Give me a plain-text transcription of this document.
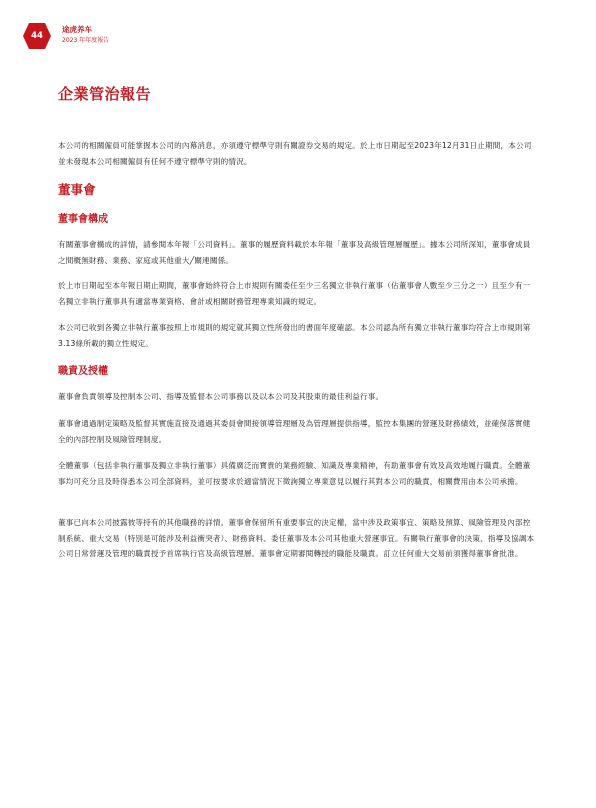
44
途虎养车
2023 年年度報告
企業管治報告

本公司的相關僱員可能掌握本公司的內幕消息，亦須遵守標準守則有關證券交易的規定。於上市日期起至2023年12月31日止期間，本公司並未發現本公司相關僱員有任何不遵守標準守則的情況。

董事會
董事會構成

有關董事會構成的詳情，請參閱本年報「公司資料」。董事的履歷資料載於本年報「董事及高級管理層履歷」。據本公司所深知，董事會成員之間概無財務、業務、家庭或其他重大╱關連關係。

於上市日期起至本年報日期止期間，董事會始終符合上市規則有關委任至少三名獨立非執行董事（佔董事會人數至少三分之一）且至少有一名獨立非執行董事具有適當專業資格、會計或相關財務管理專業知識的規定。

本公司已收到各獨立非執行董事按照上市規則的規定就其獨立性所發出的書面年度確認。本公司認為所有獨立非執行董事均符合上市規則第3.13條所載的獨立性規定。

職責及授權

董事會負責領導及控制本公司、指導及監督本公司事務以及以本公司及其股東的最佳利益行事。

董事會通過制定策略及監督其實施直接及通過其委員會間接領導管理層及為管理層提供指導，監控本集團的營運及財務績效，並確保落實健全的內部控制及風險管理制度。

全體董事（包括非執行董事及獨立非執行董事）具備廣泛而寶貴的業務經驗、知識及專業精神，有助董事會有效及高效地履行職責。全體董事均可充分且及時得悉本公司全部資料，並可按要求於適當情況下徵詢獨立專業意見以履行其對本公司的職責，相關費用由本公司承擔。

董事已向本公司披露彼等持有的其他職務的詳情。董事會保留所有重要事宜的決定權，當中涉及政策事宜、策略及預算、風險管理及內部控制系統、重大交易（特別是可能涉及利益衝突者）、財務資料、委任董事及本公司其他重大營運事宜。有關執行董事會的決策、指導及協調本公司日常營運及管理的職責授予首席執行官及高級管理層。董事會定期審閱轉授的職能及職責。訂立任何重大交易前須獲得董事會批准。
